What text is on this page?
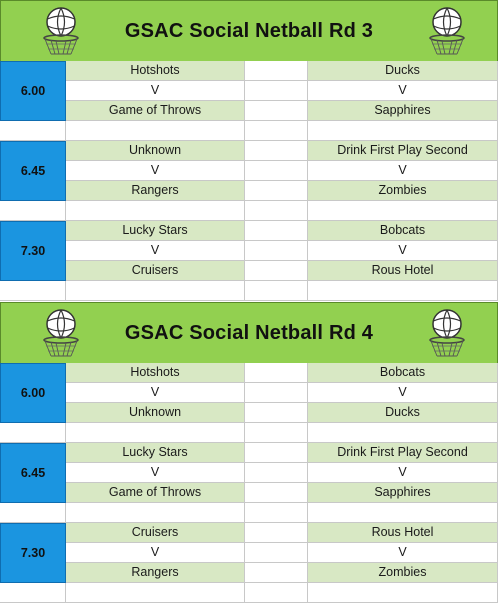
GSAC Social Netball Rd 3
6.00
Hotshots	Ducks
V	V
Game of Throws	Sapphires
6.45
Unknown	Drink First Play Second
V	V
Rangers	Zombies
7.30
Lucky Stars	Bobcats
V	V
Cruisers	Rous Hotel
GSAC Social Netball Rd 4
6.00
Hotshots	Bobcats
V	V
Unknown	Ducks
6.45
Lucky Stars	Drink First Play Second
V	V
Game of Throws	Sapphires
7.30
Cruisers	Rous Hotel
V	V
Rangers	Zombies
